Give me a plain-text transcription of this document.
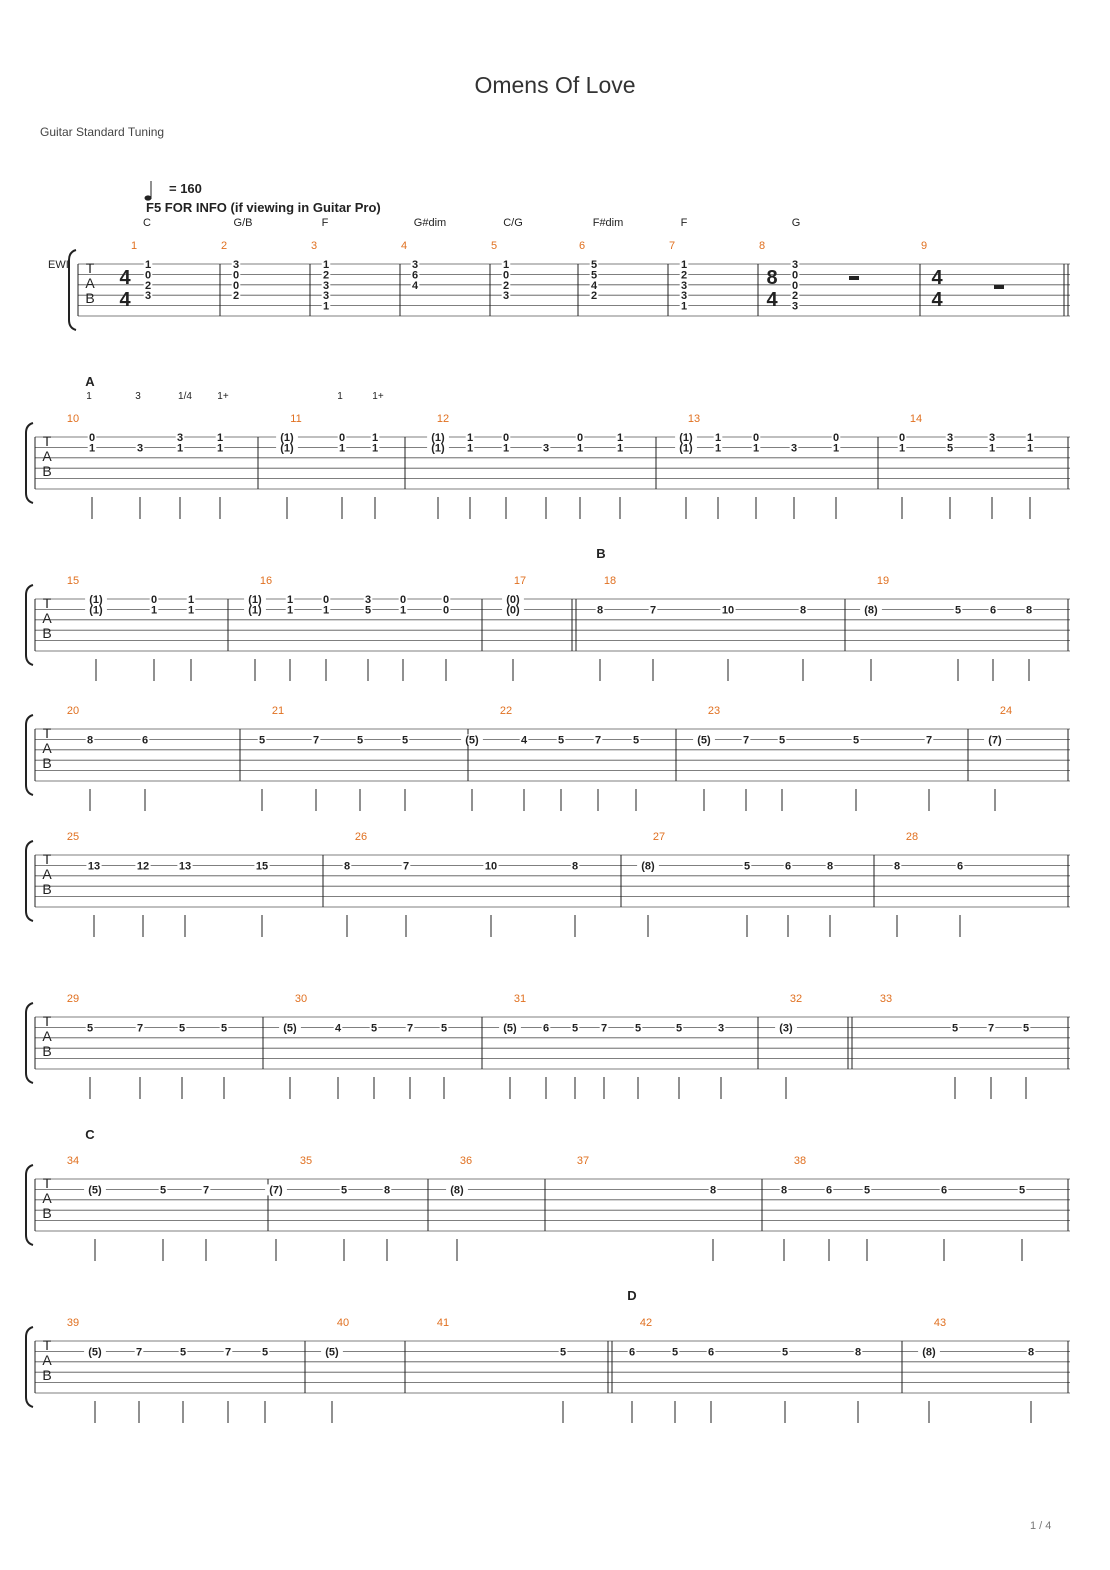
Omens Of Love
Guitar Standard Tuning
1 / 4
= 160
F5 FOR INFO (if viewing in Guitar Pro)
C	G/B	F	G#dim	C/G	F#dim	F	G
1	3	1/4	1+	1	1+
A
B
C
D
EWI T
A
B
4
4
8
4
4
4
1
1
0
2
3
2
3
0
0
2
3
1
2
3
3
1
4
3
6
4
5
1
0
2
3
6
5
5
4
2
7
1
2
3
3
1
8
3
0
0
2
3
9
T
A
B
10
0
1	3
3
1
1
1
11
(1)
(1)
0
1
1
1
12
(1)
(1)
1
1
0
1	3
0
1
1
1
13
(1)
(1)
1
1
0
1	3
0
1
14
0
1
3
5
3
1
1
1
T
A
B
15
(1)
(1)
0
1
1
1
16
(1)
(1)
1
1
0
1
3
5
0
1
0
0
17
(0)
(0)
18
8	7	10	8
19
(8)	5	6	8
T
A
B
20
8	6
21
5	7	5	5
22
(5)	4	5	7	5
23
(5)	7	5	5	7
24
(7)
T
A
B
25
13	12	13	15
26
8	7	10	8
27
(8)	5	6	8
28
8	6
T
A
B
29
5	7	5	5
30
(5)	4	5	7	5
31
(5) 6 5 7	5	5	3
32
(3)
33
5	7	5
T
A
B
34
(5)	5	7
35
(7)	5	8
36
(8)
37
8
38
8	6	5	6	5
T
A
B
39
(5)	7	5	7	5
40
(5)
41
5
42
6	5	6	5	8
43
(8)	8
